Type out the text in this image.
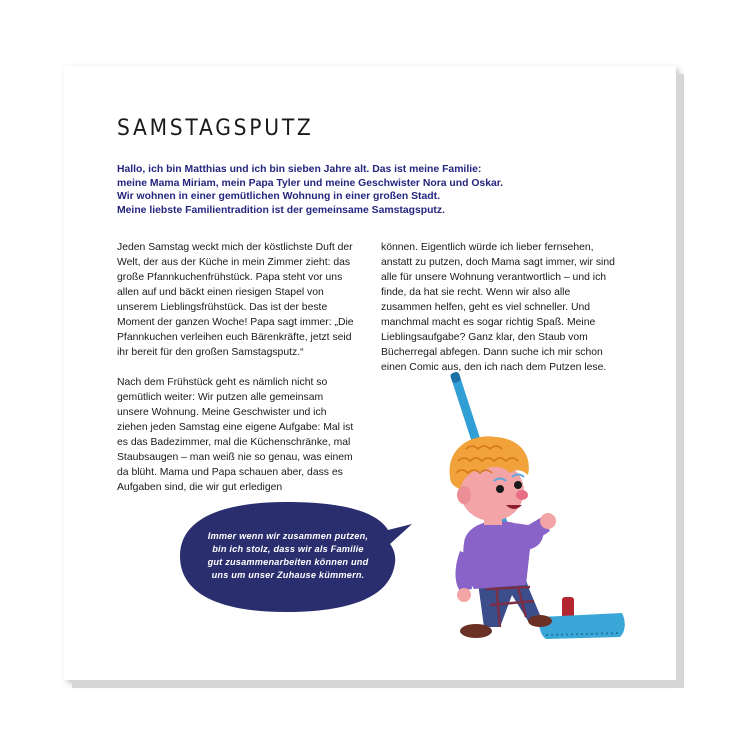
SAMSTAGSPUTZ
Hallo, ich bin Matthias und ich bin sieben Jahre alt. Das ist meine Familie:
meine Mama Miriam, mein Papa Tyler und meine Geschwister Nora und Oskar.
Wir wohnen in einer gemütlichen Wohnung in einer großen Stadt.
Meine liebste Familientradition ist der gemeinsame Samstagsputz.

Jeden Samstag weckt mich der köstlichste Duft der Welt, der aus der Küche in mein Zimmer zieht: das große Pfannkuchenfrühstück. Papa steht vor uns allen auf und bäckt einen riesigen Stapel von unserem Lieblingsfrühstück. Das ist der beste Moment der ganzen Woche! Papa sagt immer: „Die Pfannkuchen verleihen euch Bärenkräfte, jetzt seid ihr bereit für den großen Samstagsputz.“

Nach dem Frühstück geht es nämlich nicht so gemütlich weiter: Wir putzen alle gemeinsam unsere Wohnung. Meine Geschwister und ich ziehen jeden Samstag eine eigene Aufgabe: Mal ist es das Badezimmer, mal die Küchenschränke, mal Staubsaugen – man weiß nie so genau, was einem da blüht. Mama und Papa schauen aber, dass es Aufgaben sind, die wir gut erledigen

können. Eigentlich würde ich lieber fernsehen, anstatt zu putzen, doch Mama sagt immer, wir sind alle für unsere Wohnung verantwortlich – und ich finde, da hat sie recht. Wenn wir also alle zusammen helfen, geht es viel schneller. Und manchmal macht es sogar richtig Spaß. Meine Lieblingsaufgabe? Ganz klar, den Staub vom Bücherregal abfegen. Dann suche ich mir schon einen Comic aus, den ich nach dem Putzen lese.

Immer wenn wir zusammen putzen,
bin ich stolz, dass wir als Familie
gut zusammenarbeiten können und
uns um unser Zuhause kümmern.
